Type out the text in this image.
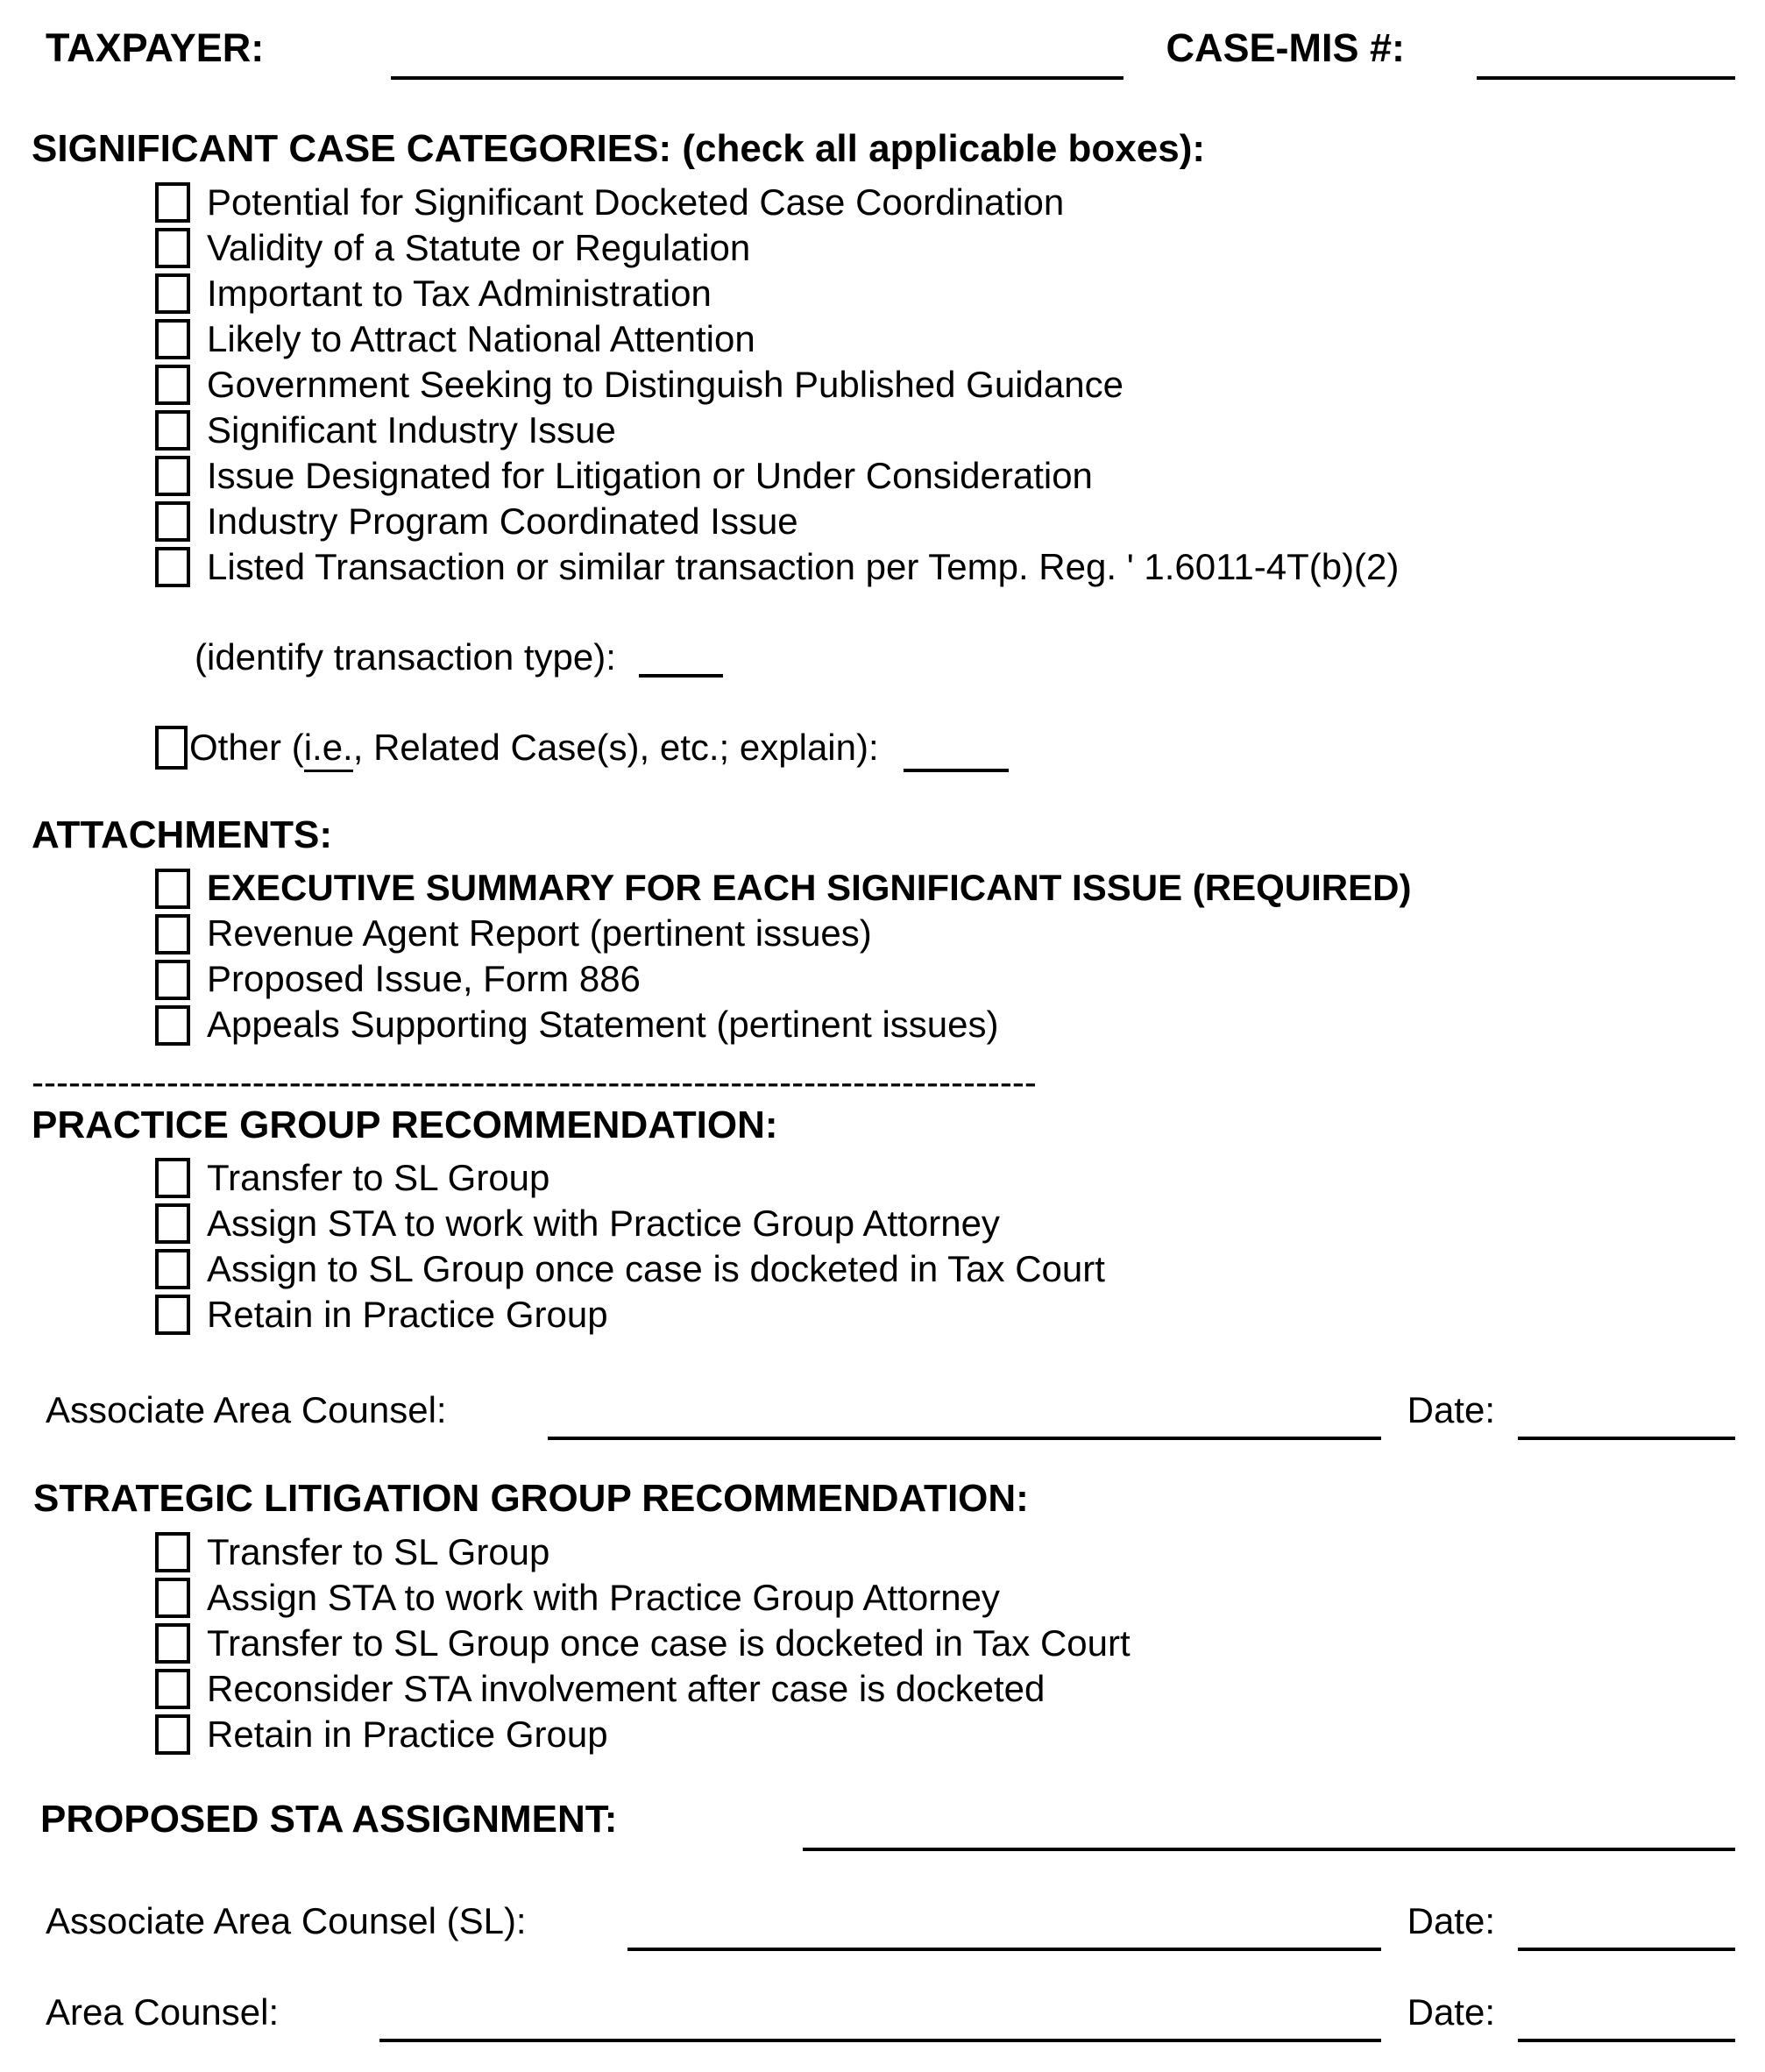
TAXPAYER:	CASE-MIS #:
SIGNIFICANT CASE CATEGORIES: (check all applicable boxes):
Potential for Significant Docketed Case Coordination
Validity of a Statute or Regulation
Important to Tax Administration
Likely to Attract National Attention
Government Seeking to Distinguish Published Guidance
Significant Industry Issue
Issue Designated for Litigation or Under Consideration
Industry Program Coordinated Issue
Listed Transaction or similar transaction per Temp. Reg. ' 1.6011-4T(b)(2)
(identify transaction type):
Other (i.e., Related Case(s), etc.; explain):
ATTACHMENTS:
EXECUTIVE SUMMARY FOR EACH SIGNIFICANT ISSUE (REQUIRED)
Revenue Agent Report (pertinent issues)
Proposed Issue, Form 886
Appeals Supporting Statement (pertinent issues)
----------------------------------------------------------------------------------
PRACTICE GROUP RECOMMENDATION:
Transfer to SL Group
Assign STA to work with Practice Group Attorney
Assign to SL Group once case is docketed in Tax Court
Retain in Practice Group
Associate Area Counsel:	Date:
STRATEGIC LITIGATION GROUP RECOMMENDATION:
Transfer to SL Group
Assign STA to work with Practice Group Attorney
Transfer to SL Group once case is docketed in Tax Court
Reconsider STA involvement after case is docketed
Retain in Practice Group
PROPOSED STA ASSIGNMENT:
Associate Area Counsel (SL):	Date:
Area Counsel:	Date:
